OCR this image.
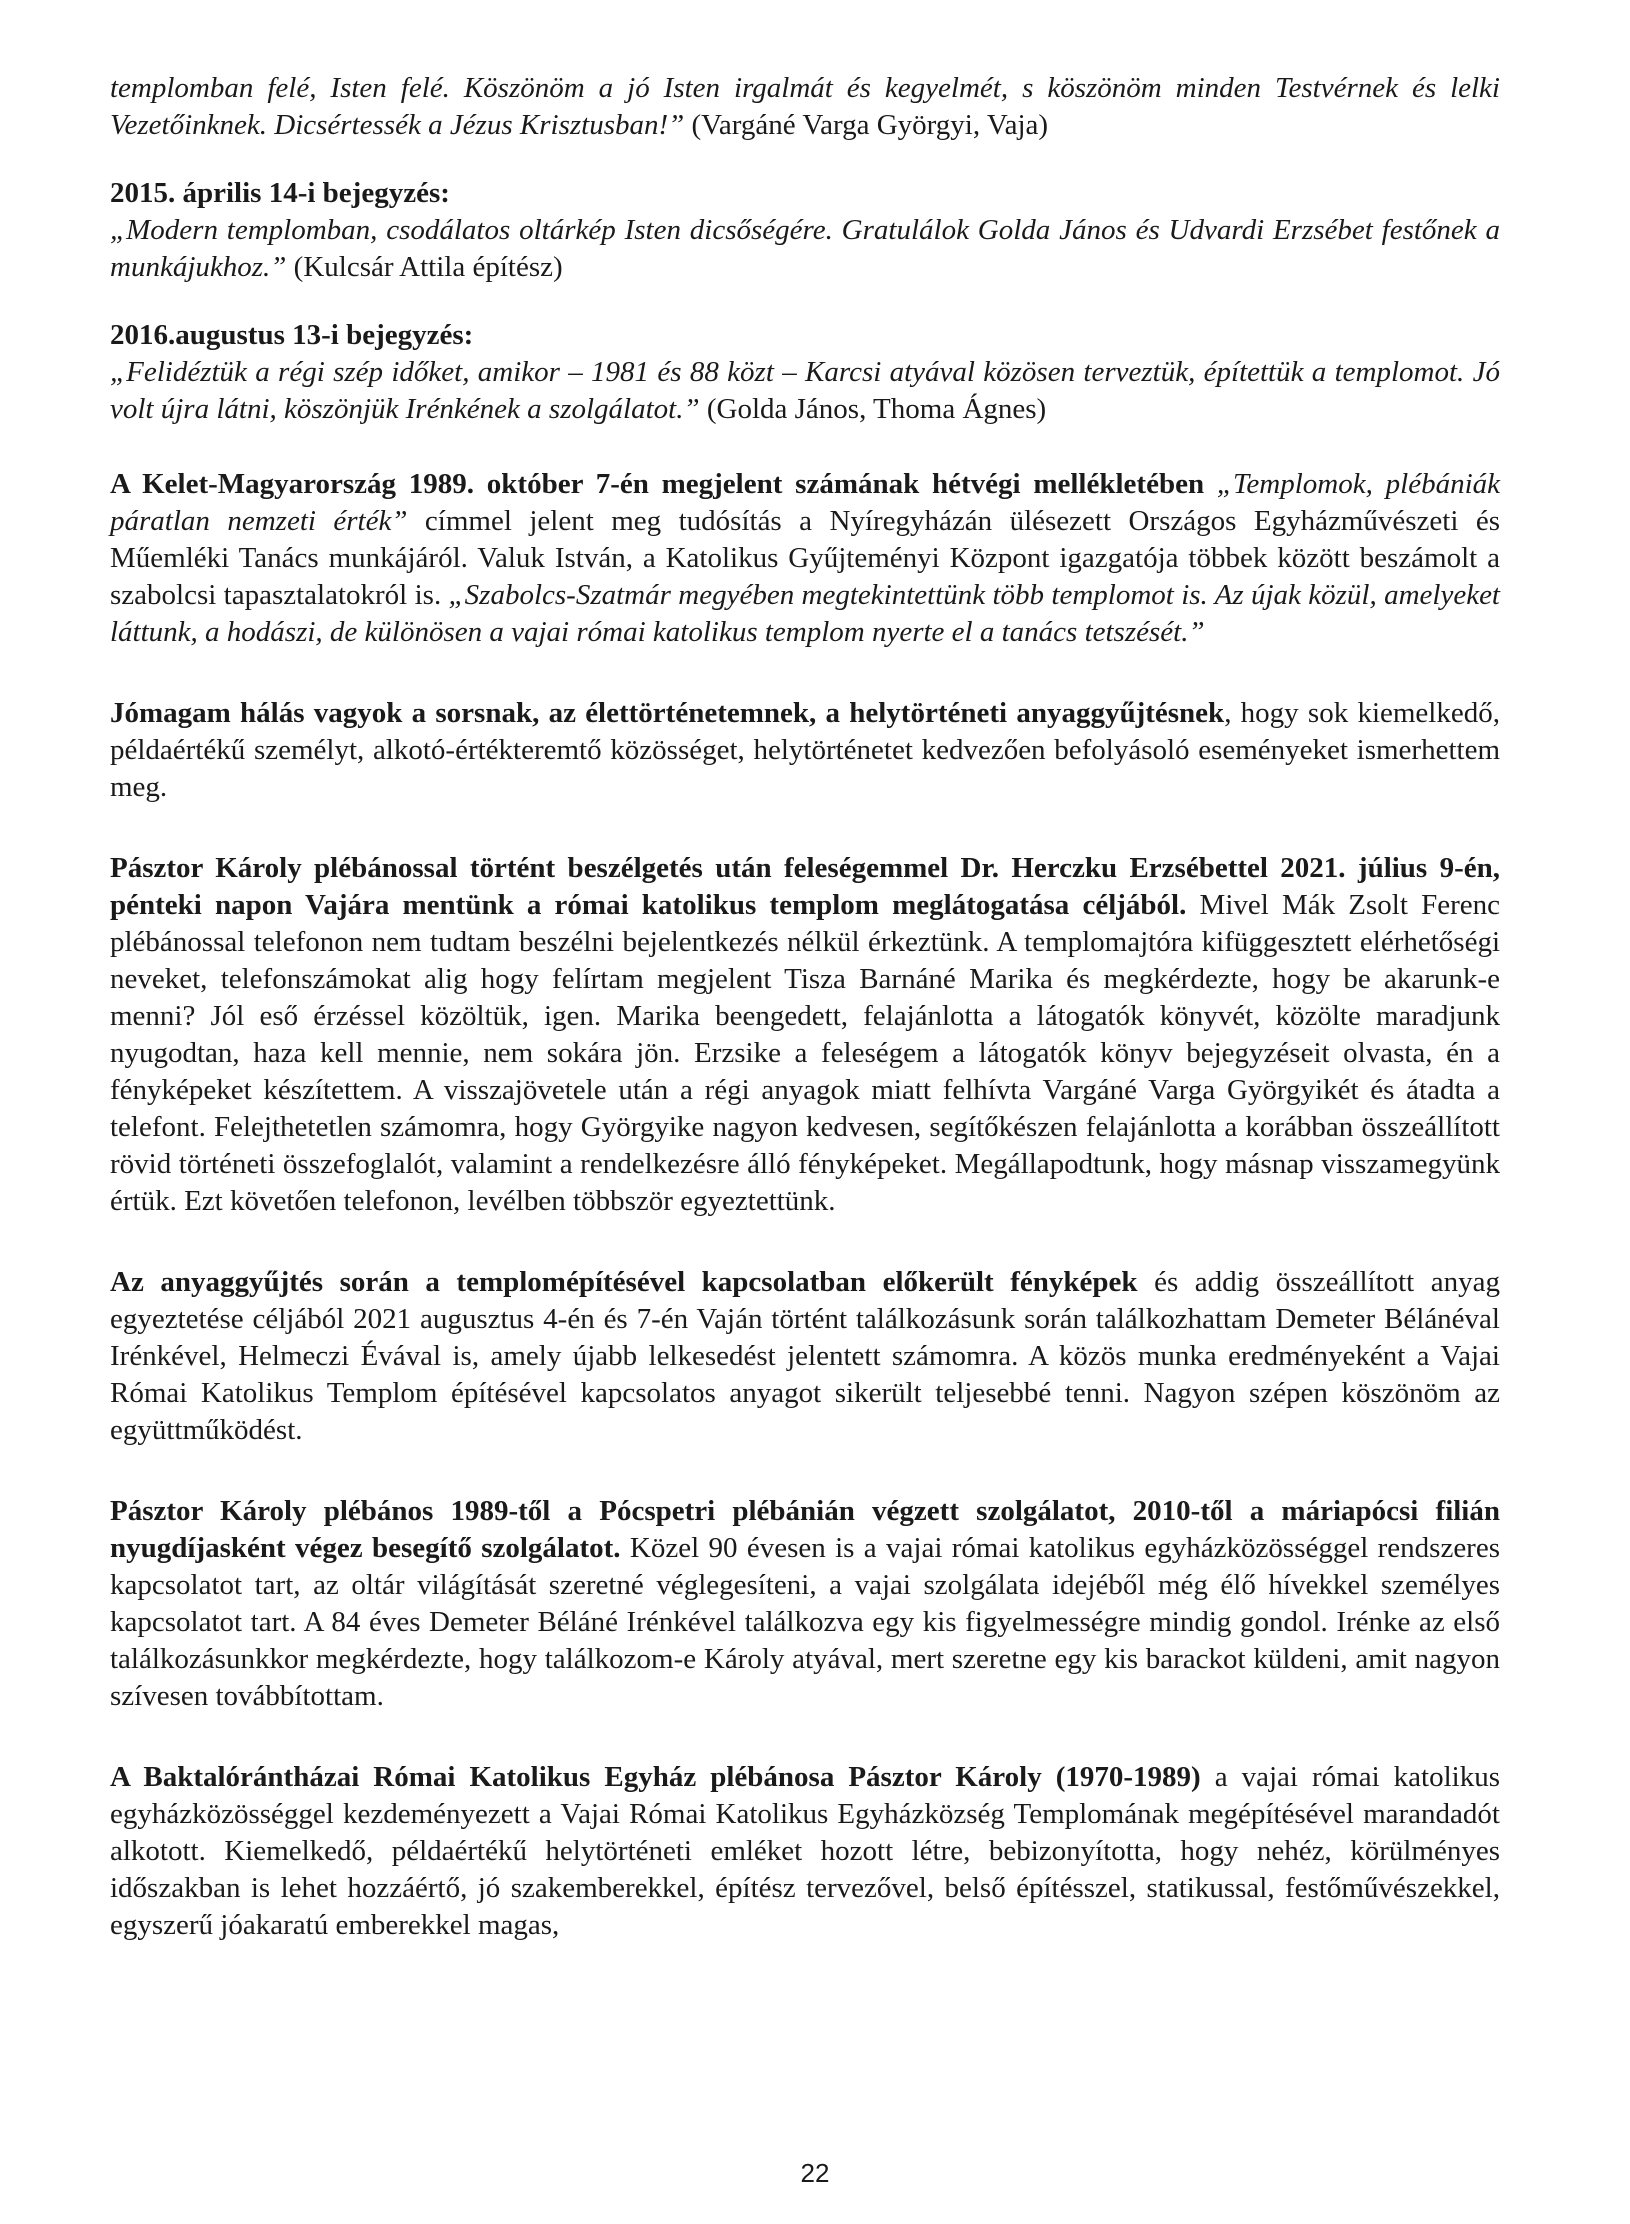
templomban felé, Isten felé. Köszönöm a jó Isten irgalmát és kegyelmét, s köszönöm minden Testvérnek és lelki Vezetőinknek. Dicsértessék a Jézus Krisztusban!” (Vargáné Varga Györgyi, Vaja)

2015. április 14-i bejegyzés:
„Modern templomban, csodálatos oltárkép Isten dicsőségére. Gratulálok Golda János és Udvardi Erzsébet festőnek a munkájukhoz.” (Kulcsár Attila építész)

2016.augustus 13-i bejegyzés:
„Felidéztük a régi szép időket, amikor – 1981 és 88 közt – Karcsi atyával közösen terveztük, építettük a templomot. Jó volt újra látni, köszönjük Irénkének a szolgálatot.” (Golda János, Thoma Ágnes)

A Kelet-Magyarország 1989. október 7-én megjelent számának hétvégi mellékletében „Templomok, plébániák páratlan nemzeti érték” címmel jelent meg tudósítás a Nyíregyházán ülésezett Országos Egyházművészeti és Műemléki Tanács munkájáról. Valuk István, a Katolikus Gyűjteményi Központ igazgatója többek között beszámolt a szabolcsi tapasztalatokról is. „Szabolcs-Szatmár megyében megtekintettünk több templomot is. Az újak közül, amelyeket láttunk, a hodászi, de különösen a vajai római katolikus templom nyerte el a tanács tetszését.”

Jómagam hálás vagyok a sorsnak, az élettörténetemnek, a helytörténeti anyaggyűjtésnek, hogy sok kiemelkedő, példaértékű személyt, alkotó-értékteremtő közösséget, helytörténetet kedvezően befolyásoló eseményeket ismerhettem meg.

Pásztor Károly plébánossal történt beszélgetés után feleségemmel Dr. Herczku Erzsébettel 2021. július 9-én, pénteki napon Vajára mentünk a római katolikus templom meglátogatása céljából. Mivel Mák Zsolt Ferenc plébánossal telefonon nem tudtam beszélni bejelentkezés nélkül érkeztünk. A templomajtóra kifüggesztett elérhetőségi neveket, telefonszámokat alig hogy felírtam megjelent Tisza Barnáné Marika és megkérdezte, hogy be akarunk-e menni? Jól eső érzéssel közöltük, igen. Marika beengedett, felajánlotta a látogatók könyvét, közölte maradjunk nyugodtan, haza kell mennie, nem sokára jön. Erzsike a feleségem a látogatók könyv bejegyzéseit olvasta, én a fényképeket készítettem. A visszajövetele után a régi anyagok miatt felhívta Vargáné Varga Györgyikét és átadta a telefont. Felejthetetlen számomra, hogy Györgyike nagyon kedvesen, segítőkészen felajánlotta a korábban összeállított rövid történeti összefoglalót, valamint a rendelkezésre álló fényképeket. Megállapodtunk, hogy másnap visszamegyünk értük. Ezt követően telefonon, levélben többször egyeztettünk.

Az anyaggyűjtés során a templomépítésével kapcsolatban előkerült fényképek és addig összeállított anyag egyeztetése céljából 2021 augusztus 4-én és 7-én Vaján történt találkozásunk során találkozhattam Demeter Bélánéval Irénkével, Helmeczi Évával is, amely újabb lelkesedést jelentett számomra. A közös munka eredményeként a Vajai Római Katolikus Templom építésével kapcsolatos anyagot sikerült teljesebbé tenni. Nagyon szépen köszönöm az együttműködést.

Pásztor Károly plébános 1989-től a Pócspetri plébánián végzett szolgálatot, 2010-től a máriapócsi filián nyugdíjasként végez besegítő szolgálatot. Közel 90 évesen is a vajai római katolikus egyházközösséggel rendszeres kapcsolatot tart, az oltár világítását szeretné véglegesíteni, a vajai szolgálata idejéből még élő hívekkel személyes kapcsolatot tart. A 84 éves Demeter Béláné Irénkével találkozva egy kis figyelmességre mindig gondol. Irénke az első találkozásunkkor megkérdezte, hogy találkozom-e Károly atyával, mert szeretne egy kis barackot küldeni, amit nagyon szívesen továbbítottam.

A Baktalórántházai Római Katolikus Egyház plébánosa Pásztor Károly (1970-1989) a vajai római katolikus egyházközösséggel kezdeményezett a Vajai Római Katolikus Egyházközség Templomának megépítésével marandadót alkotott. Kiemelkedő, példaértékű helytörténeti emléket hozott létre, bebizonyította, hogy nehéz, körülményes időszakban is lehet hozzáértő, jó szakemberekkel, építész tervezővel, belső építésszel, statikussal, festőművészekkel, egyszerű jóakaratú emberekkel magas,

22
